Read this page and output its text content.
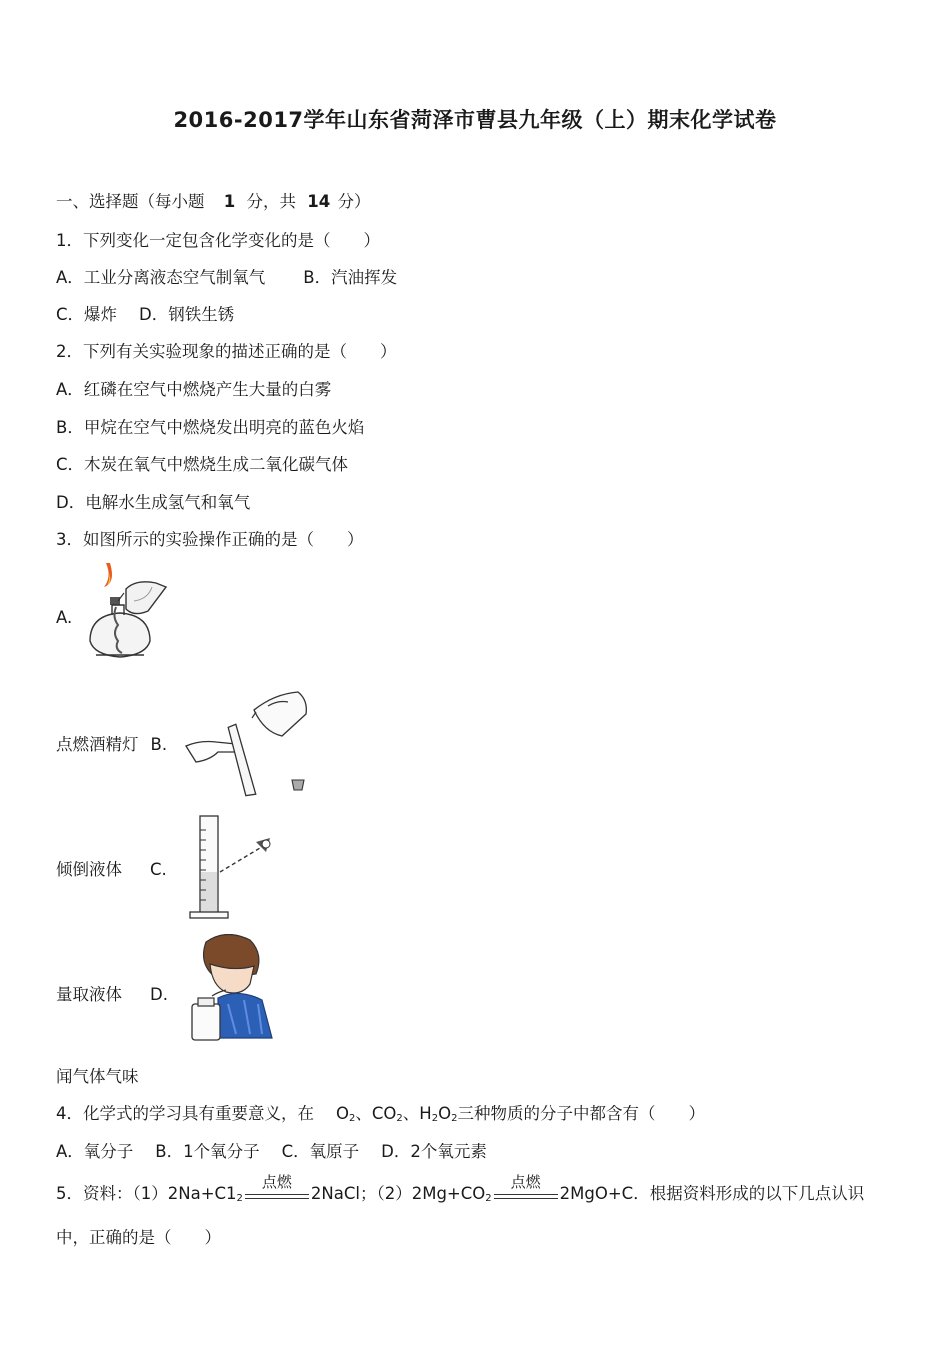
2016-2017学年山东省菏泽市曹县九年级（上）期末化学试卷
一、选择题（每小题 1 分，共 14 分）
1．下列变化一定包含化学变化的是（　　）
A．工业分离液态空气制氧气 B．汽油挥发
C．爆炸 D．钢铁生锈
2．下列有关实验现象的描述正确的是（　　）
A．红磷在空气中燃烧产生大量的白雾
B．甲烷在空气中燃烧发出明亮的蓝色火焰
C．木炭在氧气中燃烧生成二氧化碳气体
D．电解水生成氢气和氧气
3．如图所示的实验操作正确的是（　　）
A.
点燃酒精灯 B.
倾倒液体 C.
量取液体 D.
闻气体气味
4．化学式的学习具有重要意义，在 $O_2$、$CO_2$、$H_2O_2$三种物质的分子中都含有（　　）
A．氧分子 B．1个氧分子 C．氧原子 D．2个氧元素
5．资料：$(1)2Na+C1_2$
点燃
2NaCl；$(2)2Mg+CO_2$
点燃
2MgO+C．根据资料形成的以下几点认识
中，正确的是（　　）
